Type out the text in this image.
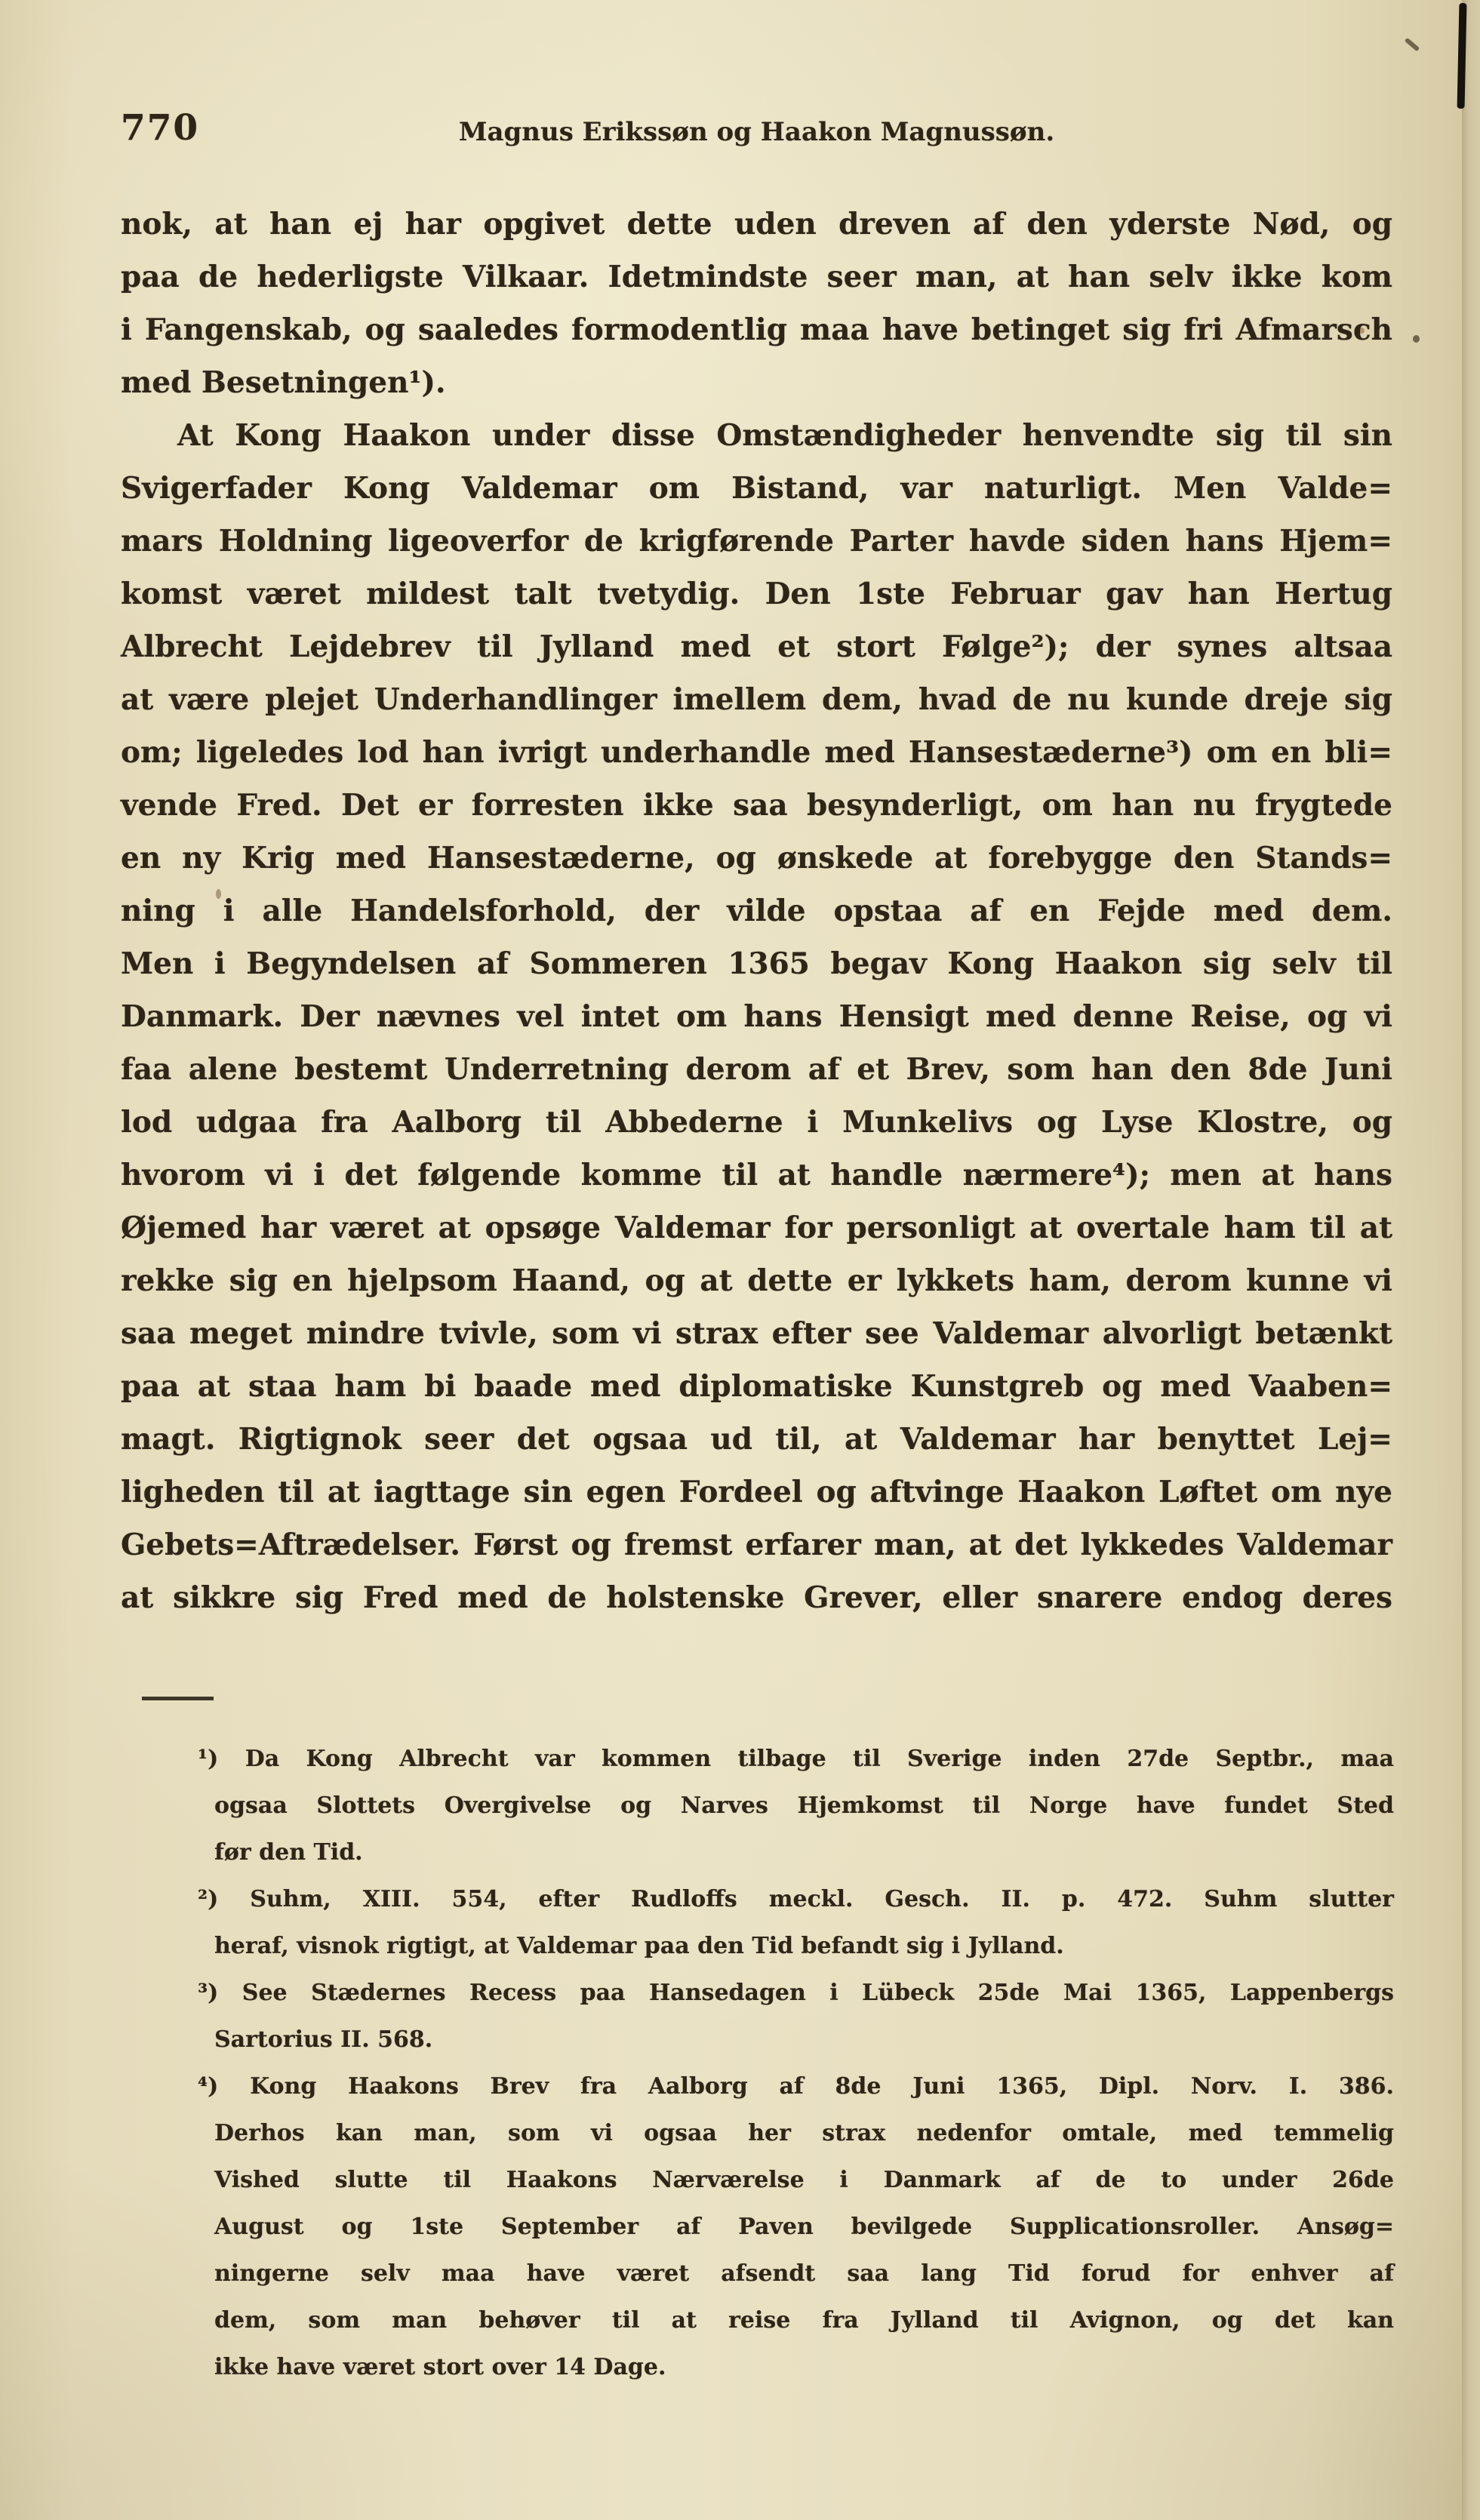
770	Magnus Erikssøn og Haakon Magnussøn.
nok, at han ej har opgivet dette uden dreven af den yderste Nød, og
paa de hederligste Vilkaar. Idetmindste seer man, at han selv ikke kom
i Fangenskab, og saaledes formodentlig maa have betinget sig fri Afmarsch
med Besetningen¹).
At Kong Haakon under disse Omstændigheder henvendte sig til sin
Svigerfader Kong Valdemar om Bistand, var naturligt. Men Valde=
mars Holdning ligeoverfor de krigførende Parter havde siden hans Hjem=
komst været mildest talt tvetydig. Den 1ste Februar gav han Hertug
Albrecht Lejdebrev til Jylland med et stort Følge²); der synes altsaa
at være plejet Underhandlinger imellem dem, hvad de nu kunde dreje sig
om; ligeledes lod han ivrigt underhandle med Hansestæderne³) om en bli=
vende Fred. Det er forresten ikke saa besynderligt, om han nu frygtede
en ny Krig med Hansestæderne, og ønskede at forebygge den Stands=
ning i alle Handelsforhold, der vilde opstaa af en Fejde med dem.
Men i Begyndelsen af Sommeren 1365 begav Kong Haakon sig selv til
Danmark. Der nævnes vel intet om hans Hensigt med denne Reise, og vi
faa alene bestemt Underretning derom af et Brev, som han den 8de Juni
lod udgaa fra Aalborg til Abbederne i Munkelivs og Lyse Klostre, og
hvorom vi i det følgende komme til at handle nærmere⁴); men at hans
Øjemed har været at opsøge Valdemar for personligt at overtale ham til at
rekke sig en hjelpsom Haand, og at dette er lykkets ham, derom kunne vi
saa meget mindre tvivle, som vi strax efter see Valdemar alvorligt betænkt
paa at staa ham bi baade med diplomatiske Kunstgreb og med Vaaben=
magt. Rigtignok seer det ogsaa ud til, at Valdemar har benyttet Lej=
ligheden til at iagttage sin egen Fordeel og aftvinge Haakon Løftet om nye
Gebets=Aftrædelser. Først og fremst erfarer man, at det lykkedes Valdemar
at sikkre sig Fred med de holstenske Grever, eller snarere endog deres
¹) Da Kong Albrecht var kommen tilbage til Sverige inden 27de Septbr., maa
ogsaa Slottets Overgivelse og Narves Hjemkomst til Norge have fundet Sted
før den Tid.
²) Suhm, XIII. 554, efter Rudloffs meckl. Gesch. II. p. 472. Suhm slutter
heraf, visnok rigtigt, at Valdemar paa den Tid befandt sig i Jylland.
³) See Stædernes Recess paa Hansedagen i Lübeck 25de Mai 1365, Lappenbergs
Sartorius II. 568.
⁴) Kong Haakons Brev fra Aalborg af 8de Juni 1365, Dipl. Norv. I. 386.
Derhos kan man, som vi ogsaa her strax nedenfor omtale, med temmelig
Vished slutte til Haakons Nærværelse i Danmark af de to under 26de
August og 1ste September af Paven bevilgede Supplicationsroller. Ansøg=
ningerne selv maa have været afsendt saa lang Tid forud for enhver af
dem, som man behøver til at reise fra Jylland til Avignon, og det kan
ikke have været stort over 14 Dage.
